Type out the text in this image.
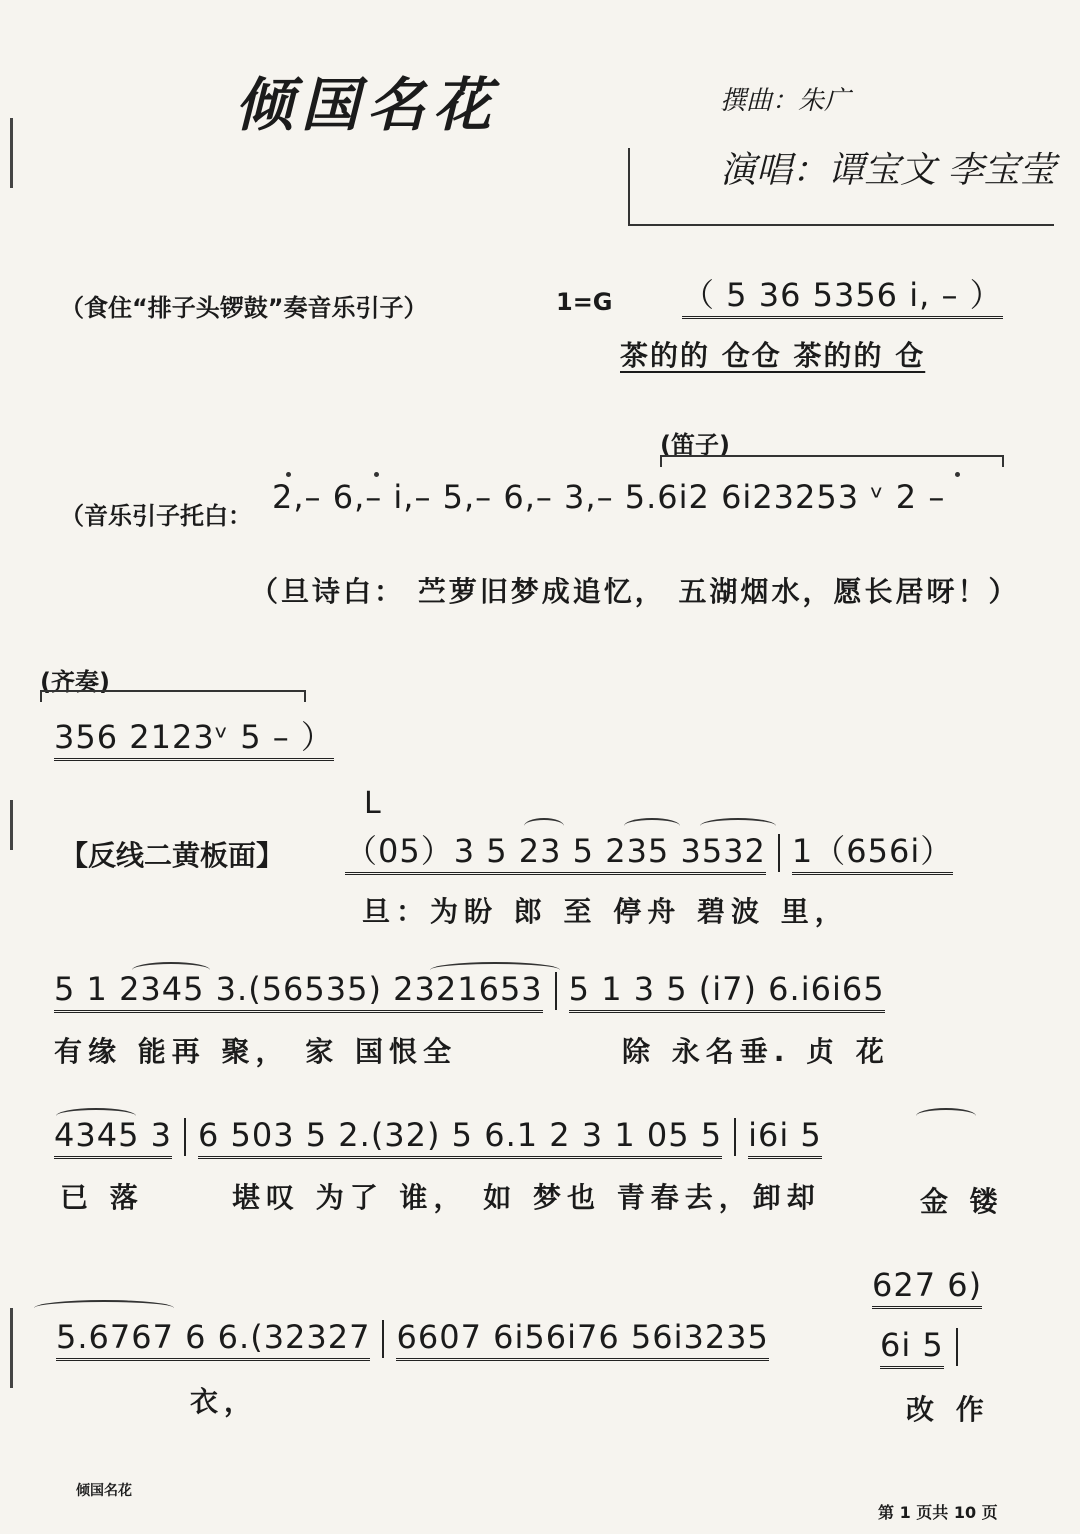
倾国名花	撰曲：朱广
演唱：谭宝文 李宝莹
（食住“排子头锣鼓”奏音乐引子）	1=G （ 5 36 5356 i, – ）
茶的的 仓仓 茶的的 仓
(笛子)
（音乐引子托白： 2,– 6,– i,– 5,– 6,– 3,– 5.6i2 6i23253 ᵛ 2 –
（旦诗白： 苎萝旧梦成追忆， 五湖烟水，愿长居呀！）
(齐奏)
356 2123ᵛ 5 – ）
L
【反线二黄板面】 （05）3 5 23 5 235 3532 1（656i）
旦：为盼 郎 至 停舟 碧波 里，
5 1 2345 3.(56535) 2321653 5 1 3 5 (i7) 6.i6i65
有缘 能再 聚， 家 国恨全	除 永名垂. 贞 花
4345 3 6 503 5 2.(32) 5 6.1 2 3 1 05 5 i6i 5
已 落	堪叹 为了 谁， 如 梦也 青春去，卸却	金 镂
627 6)
5.6767 6 6.(32327 6607 6i56i76 56i3235	6i 5
衣，	改 作
倾国名花
第 1 页共 10 页
